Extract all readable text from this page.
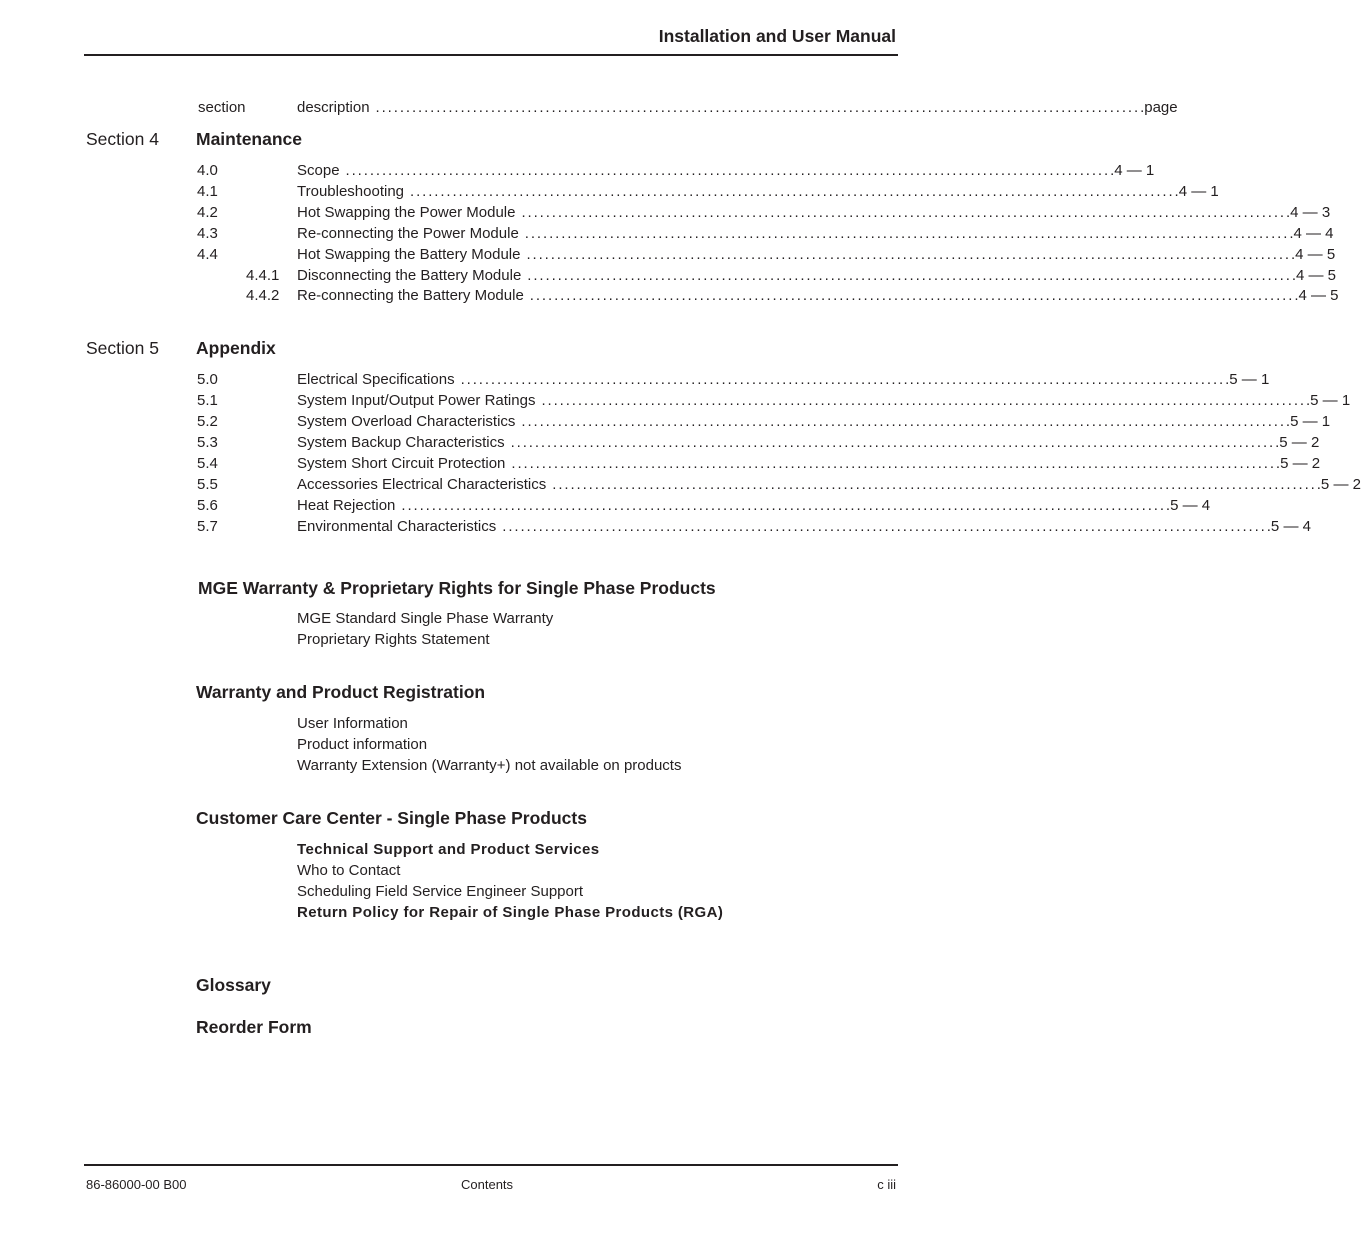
Installation and User Manual
section	description .............................................................................................................................. .page
Section 4 Maintenance
4.0	Scope .............................................................................................................................. .4 — 1
4.1	Troubleshooting .............................................................................................................................. .4 — 1
4.2	Hot Swapping the Power Module .............................................................................................................................. .4 — 3
4.3	Re-connecting the Power Module .............................................................................................................................. .4 — 4
4.4	Hot Swapping the Battery Module .............................................................................................................................. .4 — 5
4.4.1 Disconnecting the Battery Module .............................................................................................................................. .4 — 5
4.4.2 Re-connecting the Battery Module .............................................................................................................................. .4 — 5
Section 5 Appendix
5.0	Electrical Specifications .............................................................................................................................. .5 — 1
5.1	System Input/Output Power Ratings .............................................................................................................................. .5 — 1
5.2	System Overload Characteristics .............................................................................................................................. .5 — 1
5.3	System Backup Characteristics .............................................................................................................................. .5 — 2
5.4	System Short Circuit Protection .............................................................................................................................. .5 — 2
5.5	Accessories Electrical Characteristics .............................................................................................................................. .5 — 2
5.6	Heat Rejection .............................................................................................................................. .5 — 4
5.7	Environmental Characteristics .............................................................................................................................. .5 — 4
MGE Warranty & Proprietary Rights for Single Phase Products
MGE Standard Single Phase Warranty
Proprietary Rights Statement
Warranty and Product Registration
User Information
Product information
Warranty Extension (Warranty+) not available on products
Customer Care Center - Single Phase Products
Technical Support and Product Services
Who to Contact
Scheduling Field Service Engineer Support
Return Policy for Repair of Single Phase Products (RGA)
Glossary
Reorder Form
86-86000-00 B00	Contents	c iii
